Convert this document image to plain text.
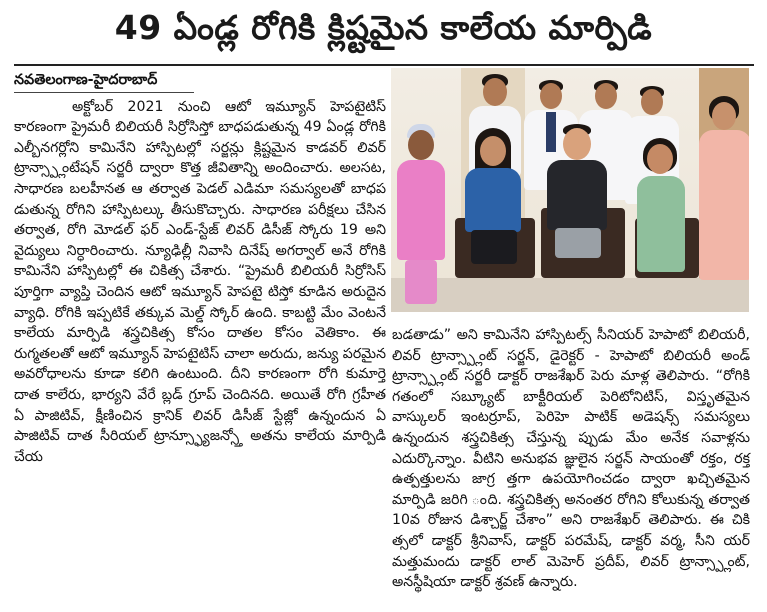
49 ఏండ్ల రోగికి క్లిష్టమైన కాలేయ మార్పిడి
నవతెలంగాణ-హైదరాబాద్

అక్టోబర్ 2021 నుంచి ఆటో ఇమ్యూన్ హెపటైటిస్ కారణంగా ప్రైమరీ బిలియరీ సిర్రోసిస్తో బాధపడుతున్న 49 ఏండ్ల రోగికి ఎల్బీనగర్లోని కామినేని హాస్పిటల్లో సర్జన్లు క్లిష్టమైన కాడవర్ లివర్ ట్రాన్స్ప్లాంటేషన్ సర్జరీ ద్వారా కొత్త జీవితాన్ని అందించారు. అలసట, సాధారణ బలహీనత ఆ తర్వాత పెడల్ ఎడిమా సమస్యలతో బాధప డుతున్న రోగిని హాస్పిటల్కు తీసుకొచ్చారు. సాధారణ పరీక్షలు చేసిన తర్వాత, రోగి మోడల్ ఫర్ ఎండ్-స్టేజ్ లివర్ డిసీజ్ స్కోరు 19 అని వైద్యులు నిర్ధారించారు. న్యూఢిల్లీ నివాసి దినేష్ అగర్వాల్ అనే రోగికి కామినేని హాస్పిటల్లో ఈ చికిత్స చేశారు. “ప్రైమరీ బిలియరీ సిర్రోసిస్ పూర్తిగా వ్యాప్తి చెందిన ఆటో ఇమ్యూన్ హెపటై టిస్తో కూడిన అరుదైన వ్యాధి. రోగికి ఇప్పటికే తక్కువ మెల్డ్ స్కోర్ ఉంది. కాబట్టి మేం వెంటనే కాలేయ మార్పిడి శస్త్రచికిత్స కోసం దాతల కోసం వెతికాం. ఈ రుగ్మతలతో ఆటో ఇమ్యూన్ హెపటైటిస్ చాలా అరుదు, జన్యు పరమైన అవరోధాలను కూడా కలిగి ఉంటుంది. దీని కారణంగా రోగి కుమార్తె దాత కాలేరు, భార్యని వేరే బ్లడ్ గ్రూప్ చెందినది. అయితే రోగి గ్రహీత ఏ పాజిటివ్, క్షీణించిన క్రానిక్ లివర్ డిసీజ్ స్టేజ్లో ఉన్నందున ఏ పాజిటివ్ దాత సీరియల్ ట్రాన్స్ఫ్యూజన్స్తో అతను కాలేయ మార్పిడి చేయ

బడతాడు” అని కామినేని హాస్పిటల్స్ సీనియర్ హెపాటో బిలియరీ, లివర్ ట్రాన్స్ప్లాంట్ సర్జన్, డైరెక్టర్ - హెపాటో బిలియరీ అండ్ ట్రాన్స్ప్లాంట్ సర్జరీ డాక్టర్ రాజశేఖర్ పెరు మాళ్ల తెలిపారు. “రోగికి గతంలో సబ్క్యూట్ బాక్టీరియల్ పెరిటోనిటిస్, విస్తృతమైన వాస్కులర్ ఇంటర్రూప్, పెరిహె పాటిక్ అడెషన్స్ సమస్యలు ఉన్నందున శస్త్రచికిత్స చేస్తున్న ప్పుడు మేం అనేక సవాళ్లను ఎదుర్కొన్నాం. వీటిని అనుభవ జ్ఞులైన సర్జన్ సాయంతో రక్తం, రక్త ఉత్పత్తులను జాగ్ర త్తగా ఉపయోగించడం ద్వారా ఖచ్చితమైన మార్పిడి జరిగి ంది. శస్త్రచికిత్స అనంతర రోగిని కోలుకున్న తర్వాత 10వ రోజున డిశ్చార్జ్ చేశాం” అని రాజశేఖర్ తెలిపారు. ఈ చికి త్సలో డాక్టర్ శ్రీనివాస్, డాక్టర్ పరమేష్, డాక్టర్ వర్మ, సీని యర్ మత్తుమందు డాక్టర్ లాల్ మెహెర్ ప్రదీప్, లివర్ ట్రాన్స్ప్లాంట్, అనస్థీషియా డాక్టర్ శ్రవణ్ ఉన్నారు.
